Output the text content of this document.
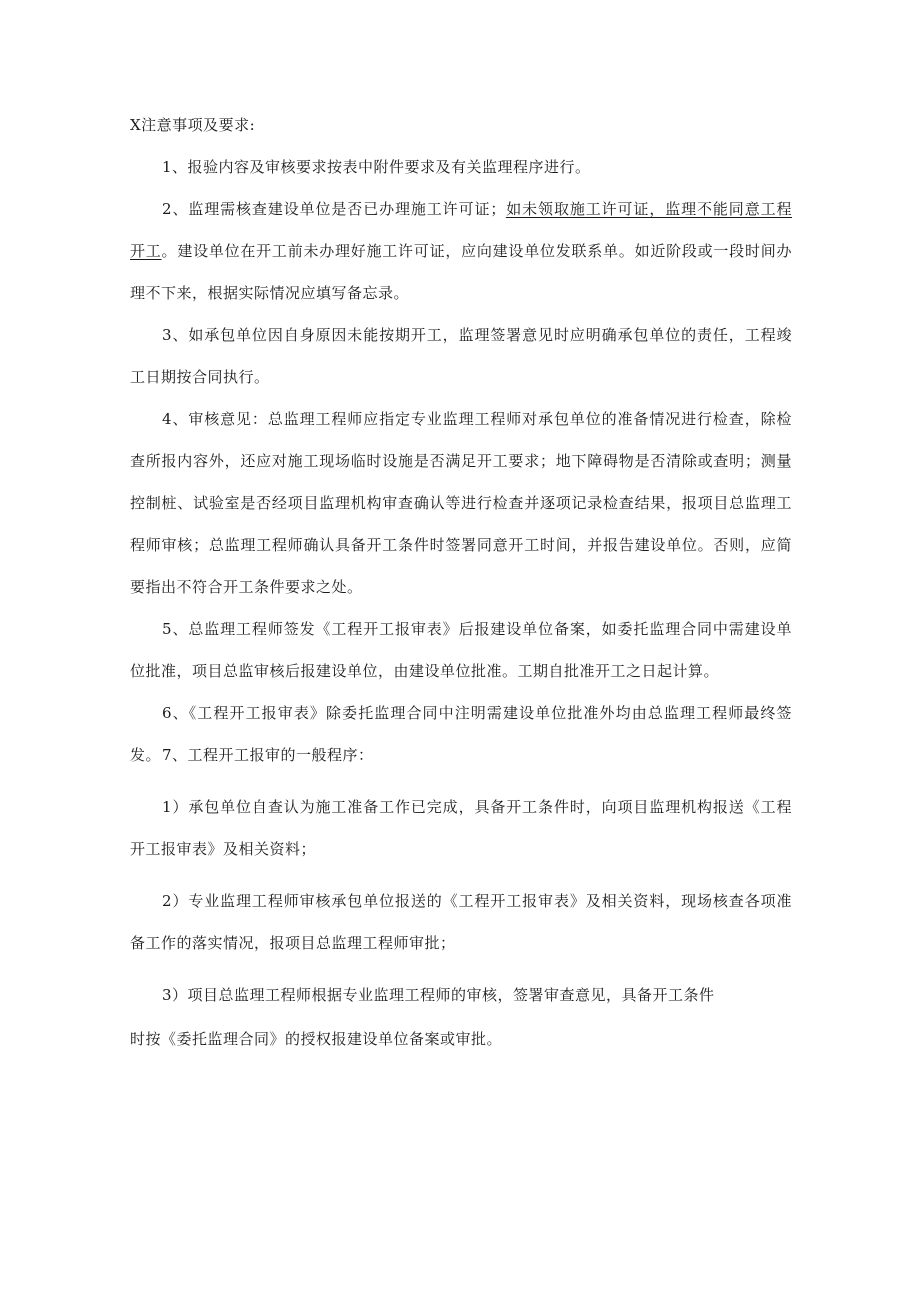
X注意事项及要求:

1、报验内容及审核要求按表中附件要求及有关监理程序进行。

2、监理需核查建设单位是否已办理施工许可证；如未领取施工许可证，监理不能同意工程开工。建设单位在开工前未办理好施工许可证，应向建设单位发联系单。如近阶段或一段时间办理不下来，根据实际情况应填写备忘录。

3、如承包单位因自身原因未能按期开工，监理签署意见时应明确承包单位的责任，工程竣工日期按合同执行。

4、审核意见：总监理工程师应指定专业监理工程师对承包单位的准备情况进行检查，除检查所报内容外，还应对施工现场临时设施是否满足开工要求；地下障碍物是否清除或查明；测量控制桩、试验室是否经项目监理机构审查确认等进行检查并逐项记录检查结果，报项目总监理工程师审核；总监理工程师确认具备开工条件时签署同意开工时间，并报告建设单位。否则，应简要指出不符合开工条件要求之处。

5、总监理工程师签发《工程开工报审表》后报建设单位备案，如委托监理合同中需建设单位批准，项目总监审核后报建设单位，由建设单位批准。工期自批准开工之日起计算。

6、《工程开工报审表》除委托监理合同中注明需建设单位批准外均由总监理工程师最终签发。 7、工程开工报审的一般程序：

1）承包单位自查认为施工准备工作已完成，具备开工条件时，向项目监理机构报送《工程开工报审表》及相关资料；

2）专业监理工程师审核承包单位报送的《工程开工报审表》及相关资料，现场核查各项准备工作的落实情况，报项目总监理工程师审批；

3）项目总监理工程师根据专业监理工程师的审核，签署审查意见，具备开工条件

时按《委托监理合同》的授权报建设单位备案或审批。
